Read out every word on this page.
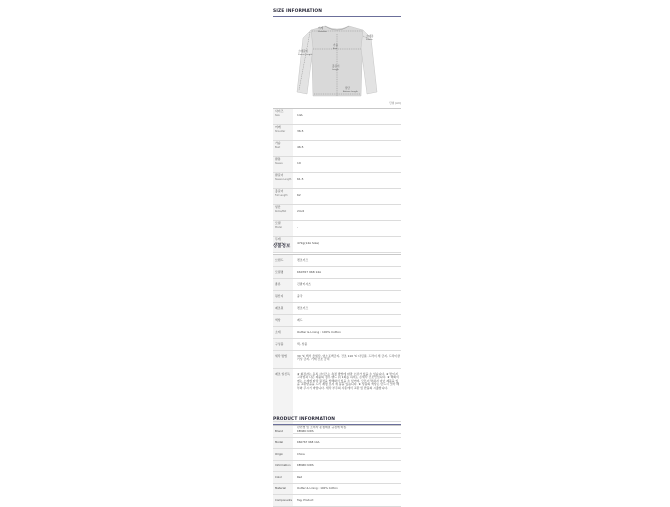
SIZE INFORMATION
어깨
Shoulder
가슴
Bust
소매길이
Sleeve Length
총길이
Length
밑단
Bottom Length
소매통
Sleeve
단위 (cm)
사이즈
Size	14A
어깨
Shoulder	36.5
가슴
Bust	46.5
팔통
Sleeve	19
팔길이
Sleeve Length	61.5
총길이
Full Length	62
밑단
Rome/Bot	24•6
모델
Model	-
무게
Weight	472g(14A Size)
상품정보
브랜드	겐조키즈
모델명	K60767 968 14A
종류	긴팔티셔츠
원산지	중국
제조원	겐조키즈
색상	레드
소재	Outter & Lining : 100% Cotton
구성품	택, 상품
세탁 방법	30 ℃ 백서 울세탁, 염소표백금지, 건조 110 ℃ 다림질, 드라이 세 금지, 드라이클리닝 금지, 기계 건조 금지
제조 일신독	★ 회검자는 동복 사이즈는 측정 방법에 따라 오차가 있을 수 있습니다. ★ 반이지 그라임과 나은 제품의 경우 핸드 워 1회를 하여도 손세탁 건조인입니다. ★ 해외이에는 소재에 따라 원전을 할해봐서 있을 수 있어며, 모튼이 박혀지 아닌 제품을 있을 교환받을을 드리 제청 보셔 세 품을 있습니다. ★ 상품의 색상는 만드시 모마 해부와 주시기 바랍니다. 세탁 부주의 사훈에서 교환 및 반품의 시출합니다.
관련법 및 소비자 분쟁해결 규정에 따름
PRODUCT INFORMATION
Brand	KENZO KIDS
Model	K60767 968 14A
Origin	China
Information	KENZO KIDS
Color	Red
Material	Outter & Lining : 100% Cotton
Components	Tag, Product
